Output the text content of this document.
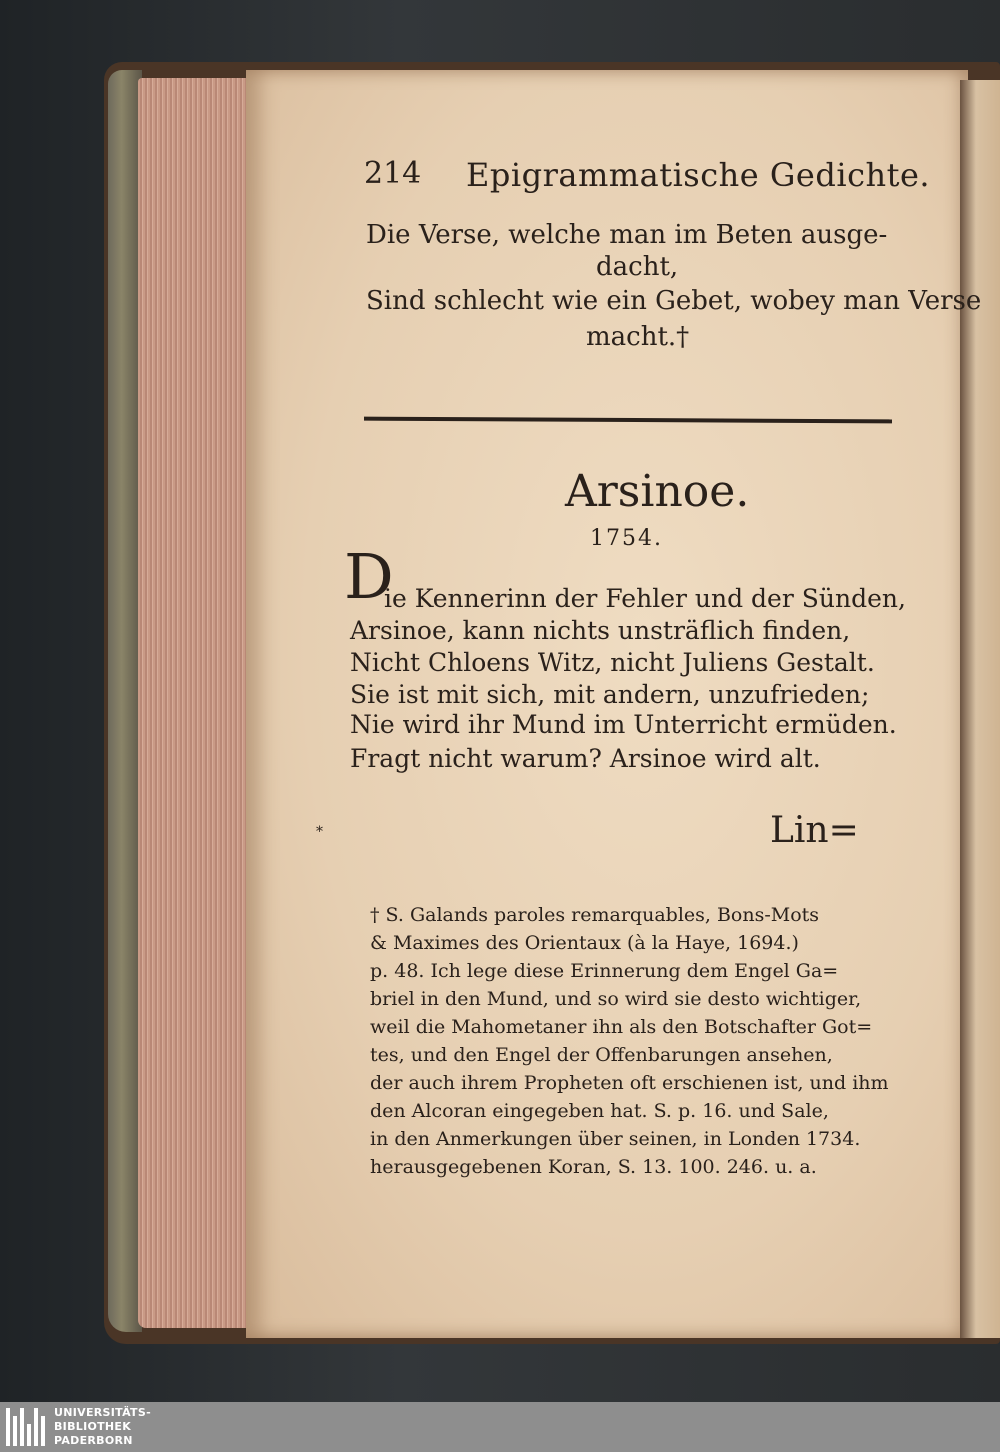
214 Epigrammatische Gedichte.
Die Verse, welche man im Beten ausge-
dacht,
Sind schlecht wie ein Gebet, wobey man Verse
macht.†
Arsinoe.
1754.
D
ie Kennerinn der Fehler und der Sünden,
Arsinoe, kann nichts unsträflich finden,
Nicht Chloens Witz, nicht Juliens Gestalt.
Sie ist mit sich, mit andern, unzufrieden;
Nie wird ihr Mund im Unterricht ermüden.
Fragt nicht warum? Arsinoe wird alt.
*	Lin=
† S. Galands paroles remarquables, Bons-Mots
& Maximes des Orientaux (à la Haye, 1694.)
p. 48. Ich lege diese Erinnerung dem Engel Ga=
briel in den Mund, und so wird sie desto wichtiger,
weil die Mahometaner ihn als den Botschafter Got=
tes, und den Engel der Offenbarungen ansehen,
der auch ihrem Propheten oft erschienen ist, und ihm
den Alcoran eingegeben hat. S. p. 16. und Sale,
in den Anmerkungen über seinen, in Londen 1734.
herausgegebenen Koran, S. 13. 100. 246. u. a.
UNIVERSITÄTS-
BIBLIOTHEK
PADERBORN
